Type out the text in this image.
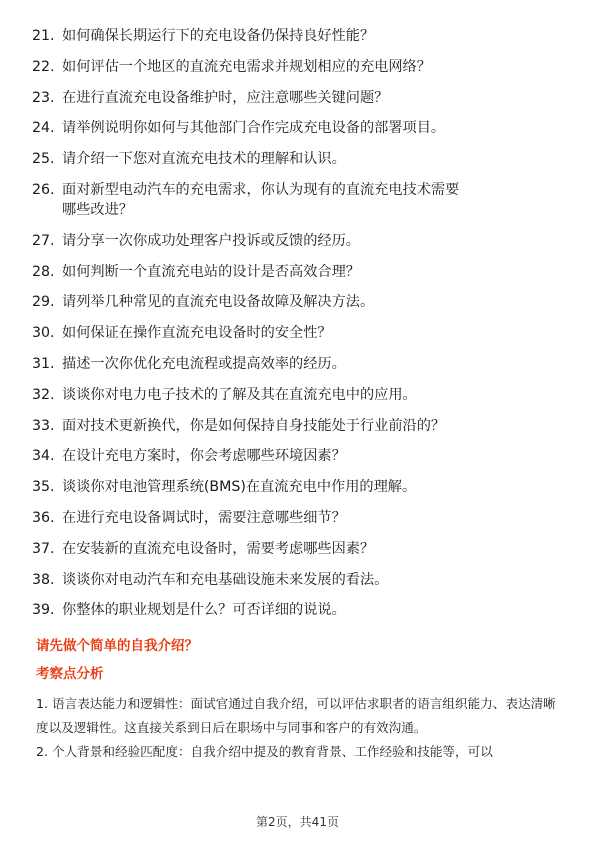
21. 如何确保长期运行下的充电设备仍保持良好性能？
22. 如何评估一个地区的直流充电需求并规划相应的充电网络？
23. 在进行直流充电设备维护时，应注意哪些关键问题？
24. 请举例说明你如何与其他部门合作完成充电设备的部署项目。
25. 请介绍一下您对直流充电技术的理解和认识。
26. 面对新型电动汽车的充电需求，你认为现有的直流充电技术需要
哪些改进？
27. 请分享一次你成功处理客户投诉或反馈的经历。
28. 如何判断一个直流充电站的设计是否高效合理？
29. 请列举几种常见的直流充电设备故障及解决方法。
30. 如何保证在操作直流充电设备时的安全性？
31. 描述一次你优化充电流程或提高效率的经历。
32. 谈谈你对电力电子技术的了解及其在直流充电中的应用。
33. 面对技术更新换代，你是如何保持自身技能处于行业前沿的？
34. 在设计充电方案时，你会考虑哪些环境因素？
35. 谈谈你对电池管理系统(BMS)在直流充电中作用的理解。
36. 在进行充电设备调试时，需要注意哪些细节？
37. 在安装新的直流充电设备时，需要考虑哪些因素？
38. 谈谈你对电动汽车和充电基础设施未来发展的看法。
39. 你整体的职业规划是什么？可否详细的说说。
请先做个简单的自我介绍？
考察点分析

1. 语言表达能力和逻辑性：面试官通过自我介绍，可以评估求职者的语言组织能力、表达清晰度以及逻辑性。这直接关系到日后在职场中与同事和客户的有效沟通。

2. 个人背景和经验匹配度：自我介绍中提及的教育背景、工作经验和技能等，可以

第2页，共41页
